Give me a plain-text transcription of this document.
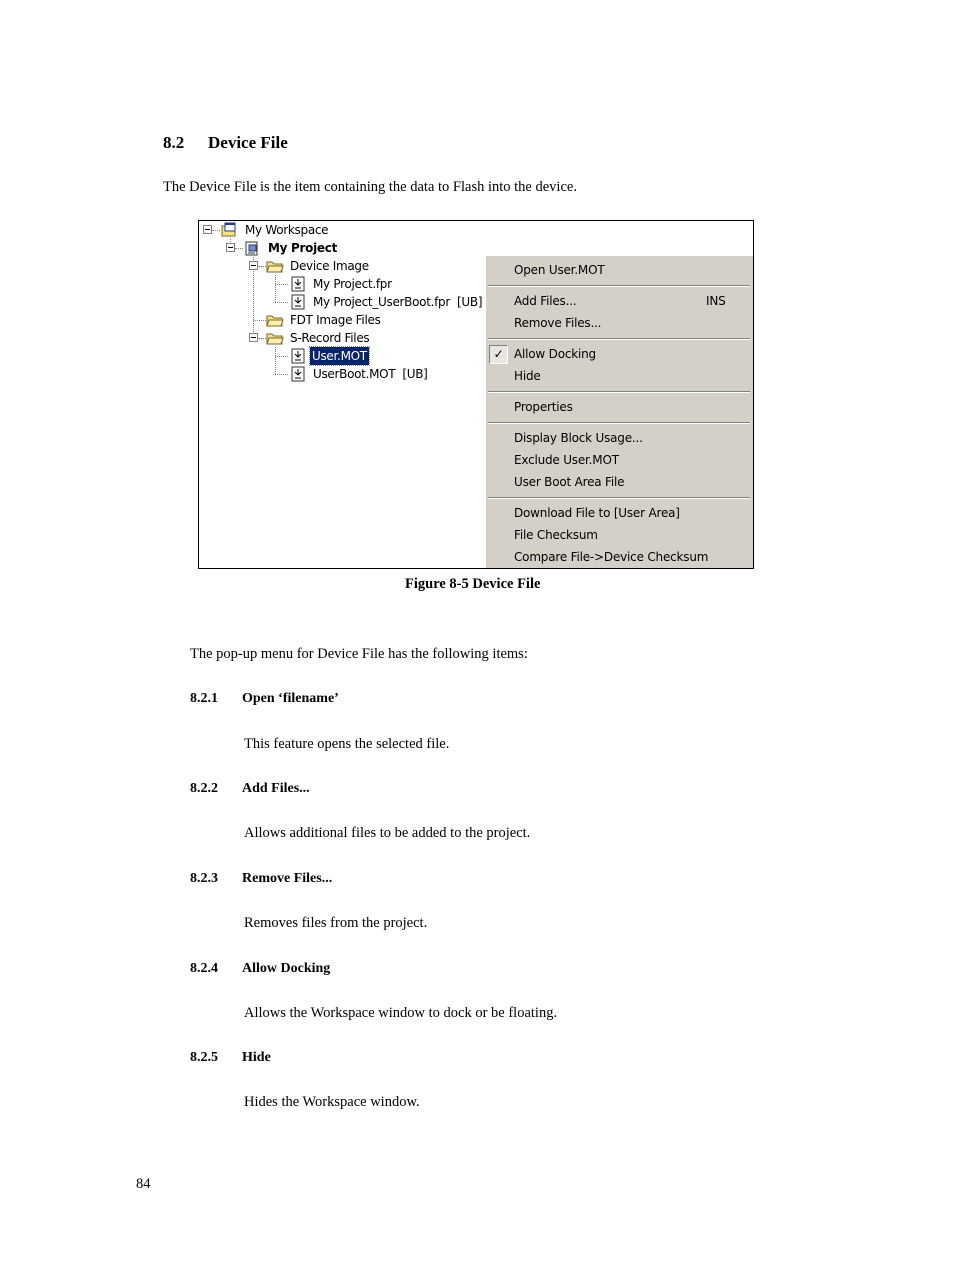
8.2 Device File
The Device File is the item containing the data to Flash into the device.
My Workspace
My Project
Device Image
My Project.fpr
My Project_UserBoot.fpr  [UB]
FDT Image Files
S-Record Files
User.MOT
UserBoot.MOT  [UB]
Open User.MOT
Add Files...	INS
Remove Files...
✓ Allow Docking
Hide
Properties
Display Block Usage...
Exclude User.MOT
User Boot Area File
Download File to [User Area]
File Checksum
Compare File->Device Checksum
Figure 8-5 Device File
The pop-up menu for Device File has the following items:
8.2.1 Open ‘filename’
This feature opens the selected file.
8.2.2 Add Files...
Allows additional files to be added to the project.
8.2.3 Remove Files...
Removes files from the project.
8.2.4 Allow Docking
Allows the Workspace window to dock or be floating.
8.2.5 Hide
Hides the Workspace window.
84
